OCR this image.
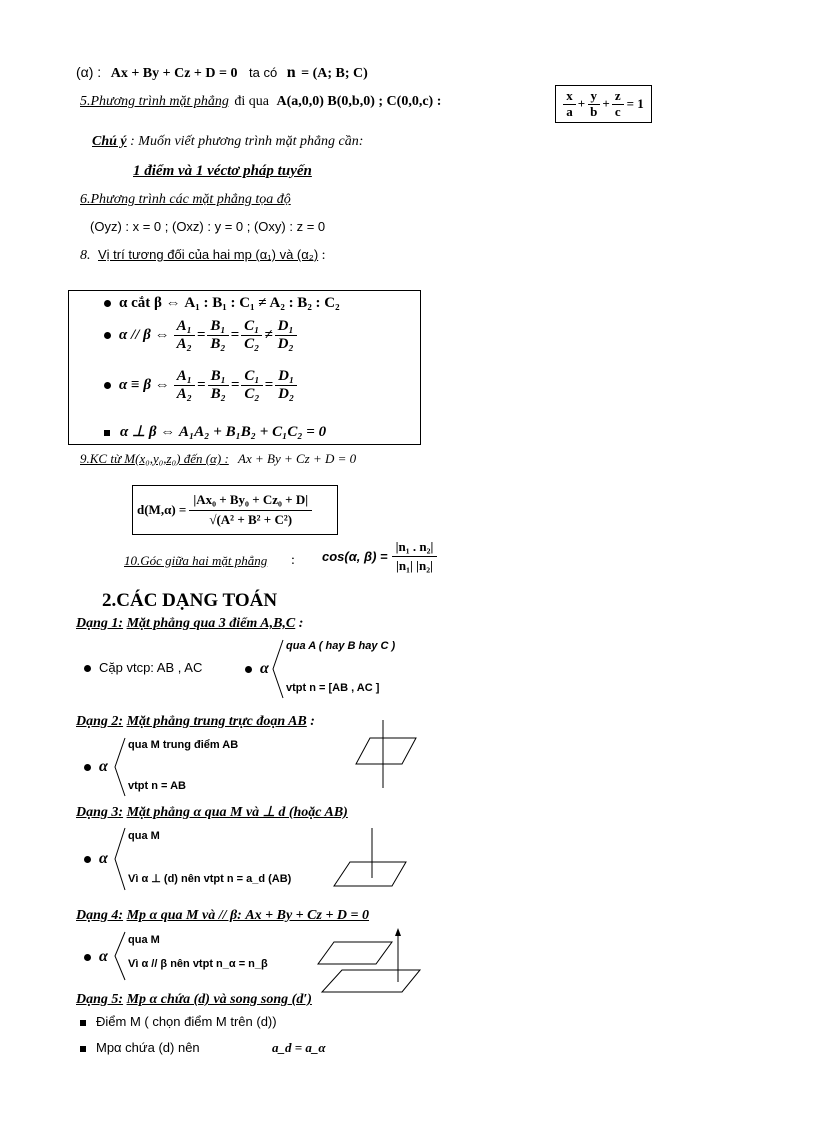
(α) : Ax + By + Cz + D = 0 ta có n = (A; B; C)
5.Phương trình mặt phẳng đi qua A(a,0,0) B(0,b,0) ; C(0,0,c) :	$\frac{x}{a} + \frac{y}{b} + \frac{z}{c} = 1$
Chú ý : Muốn viết phương trình mặt phẳng cần:
1 điểm và 1 véctơ pháp tuyến
6.Phương trình các mặt phẳng tọa độ
(Oyz) : x = 0 ; (Oxz) : y = 0 ; (Oxy) : z = 0
8. Vị trí tương đối của hai mp (α₁) và (α₂) :
α cắt β ⇔ A₁ : B₁ : C₁ ≠ A₂ : B₂ : C₂
α // β ⇔ $\frac{\text{A₁}}{\text{A₂}} = \frac{\text{B₁}}{\text{B₂}} = \frac{\text{C₁}}{\text{C₂}} \ne \frac{\text{D₁}}{\text{D₂}}$
α ≡ β ⇔ $\frac{\text{A₁}}{\text{A₂}} = \frac{\text{B₁}}{\text{B₂}} = \frac{\text{C₁}}{\text{C₂}} = \frac{\text{D₁}}{\text{D₂}}$
α ⊥ β ⇔ A₁A₂ + B₁B₂ + C₁C₂ = 0
9.KC từ M(x₀,y₀,z₀) đến (α) : Ax + By + Cz + D = 0
$d(M,\alpha) = \frac{\text{|Ax₀ + By₀ + Cz₀ + D|}}{\text{√(A² + B² + C²)}}$
10.Góc giữa hai mặt phẳng : cos(α, $\beta) = \frac{\text{|n₁ . n₂|}}{\text{|n₁| |n₂|}}$
2.CÁC DẠNG TOÁN
Dạng 1: Mặt phẳng qua 3 điểm A,B,C :
Cặp vtcp: AB , AC	α
qua A ( hay B hay C )
vtpt n = [AB , AC ]
Dạng 2: Mặt phẳng trung trực đoạn AB :
α
qua M trung điểm AB
vtpt n = AB
Dạng 3: Mặt phẳng α qua M và ⊥ d (hoặc AB)
α
qua M
Vì α ⊥ (d) nên vtpt n = a_d (AB)
Dạng 4: Mp α qua M và // β: Ax + By + Cz + D = 0
α
qua M
Vì α // β nên vtpt n_α = n_β
Dạng 5: Mp α chứa (d) và song song (d′)
Điểm M ( chọn điểm M trên (d))
Mpα chứa (d) nên	a_d = a_α
